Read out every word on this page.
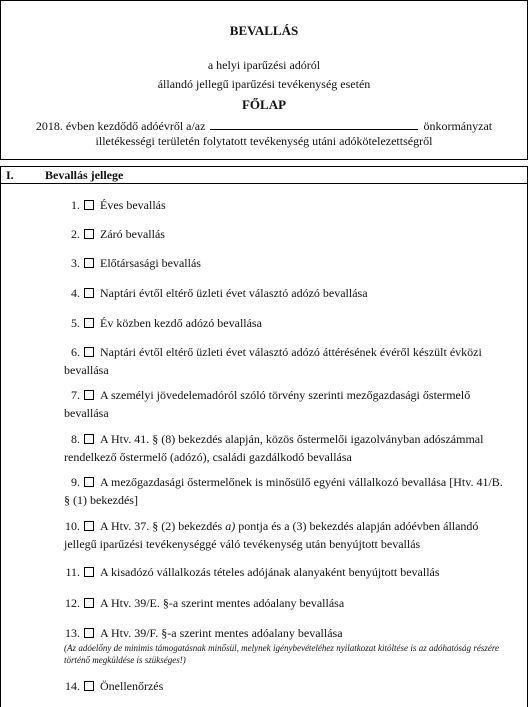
BEVALLÁS
a helyi iparűzési adóról
állandó jellegű iparűzési tevékenység esetén
FŐLAP
2018. évben kezdődő adóévről a/az	önkormányzat
illetékességi területén folytatott tevékenység utáni adókötelezettségről
I.	Bevallás jellege
1. Éves bevallás
2. Záró bevallás
3. Előtársasági bevallás
4. Naptári évtől eltérő üzleti évet választó adózó bevallása
5. Év közben kezdő adózó bevallása
6. Naptári évtől eltérő üzleti évet választó adózó áttérésének évéről készült évközi bevallása
7. A személyi jövedelemadóról szóló törvény szerinti mezőgazdasági őstermelő bevallása
8. A Htv. 41. § (8) bekezdés alapján, közös őstermelői igazolványban adószámmal rendelkező őstermelő (adózó), családi gazdálkodó bevallása
9. A mezőgazdasági őstermelőnek is minősülő egyéni vállalkozó bevallása [Htv. 41/B. § (1) bekezdés]
10. A Htv. 37. § (2) bekezdés a) pontja és a (3) bekezdés alapján adóévben állandó jellegű iparűzési tevékenységgé váló tevékenység után benyújtott bevallás
11. A kisadózó vállalkozás tételes adójának alanyaként benyújtott bevallás
12. A Htv. 39/E. §-a szerint mentes adóalany bevallása
13. A Htv. 39/F. §-a szerint mentes adóalany bevallása
(Az adóelőny de minimis támogatásnak minősül, melynek igénybevételéhez nyilatkozat kitöltése is az adóhatóság részére történő megküldése is szükséges!)
14. Önellenőrzés
